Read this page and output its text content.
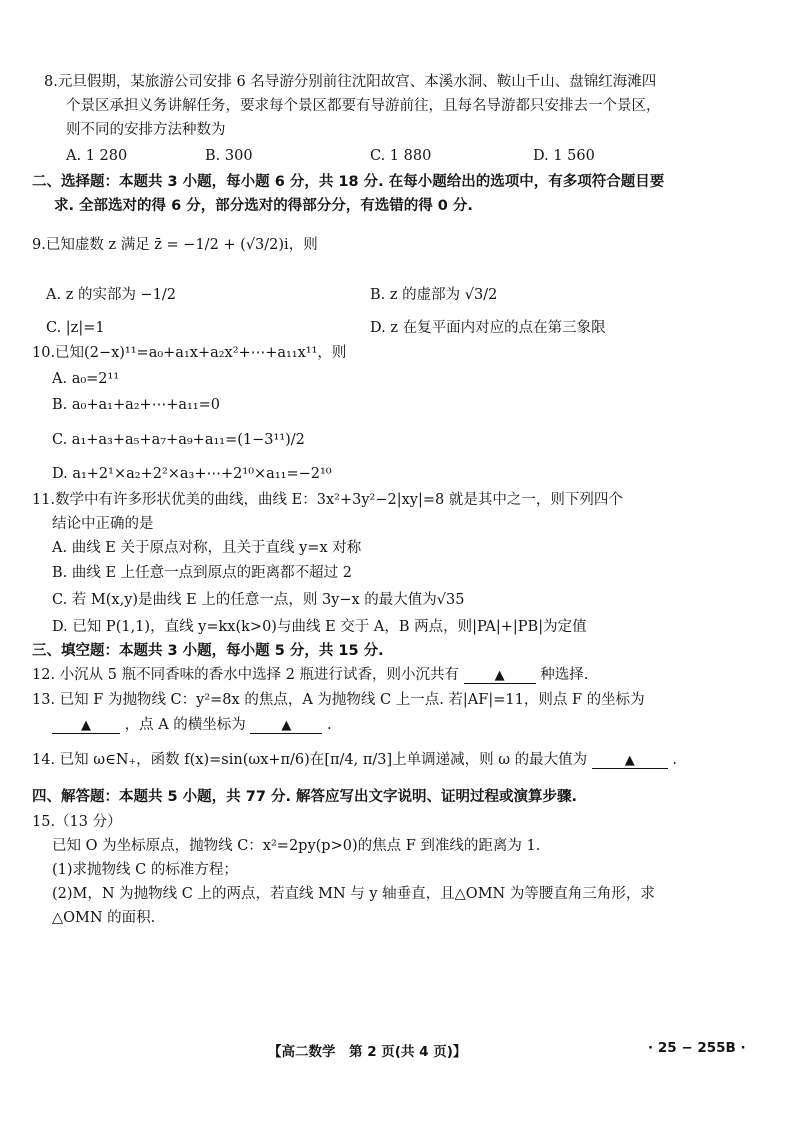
8.元旦假期，某旅游公司安排 6 名导游分别前往沈阳故宫、本溪水洞、鞍山千山、盘锦红海滩四
个景区承担义务讲解任务，要求每个景区都要有导游前往，且每名导游都只安排去一个景区，
则不同的安排方法种数为
A. 1 280	B. 300	C. 1 880	D. 1 560
二、选择题：本题共 3 小题，每小题 6 分，共 18 分. 在每小题给出的选项中，有多项符合题目要
求. 全部选对的得 6 分，部分选对的得部分分，有选错的得 0 分.
9.已知虚数 z 满足 z̄ = −1/2 + (√3/2)i，则
A. z 的实部为 −1/2	B. z 的虚部为 √3/2
C. |z|=1	D. z 在复平面内对应的点在第三象限
10.已知(2−x)¹¹=a₀+a₁x+a₂x²+⋯+a₁₁x¹¹，则
A. a₀=2¹¹
B. a₀+a₁+a₂+⋯+a₁₁=0
C. a₁+a₃+a₅+a₇+a₉+a₁₁=(1−3¹¹)/2
D. a₁+2¹×a₂+2²×a₃+⋯+2¹⁰×a₁₁=−2¹⁰
11.数学中有许多形状优美的曲线，曲线 E：3x²+3y²−2|xy|=8 就是其中之一，则下列四个
结论中正确的是
A. 曲线 E 关于原点对称，且关于直线 y=x 对称
B. 曲线 E 上任意一点到原点的距离都不超过 2
C. 若 M(x,y)是曲线 E 上的任意一点，则 3y−x 的最大值为√35
D. 已知 P(1,1)，直线 y=kx(k>0)与曲线 E 交于 A，B 两点，则|PA|+|PB|为定值
三、填空题：本题共 3 小题，每小题 5 分，共 15 分.
12. 小沉从 5 瓶不同香味的香水中选择 2 瓶进行试香，则小沉共有	▲ 种选择.
13. 已知 F 为抛物线 C：y²=8x 的焦点，A 为抛物线 C 上一点. 若|AF|=11，则点 F 的坐标为
▲ ，点 A 的横坐标为	▲ .
14. 已知 ω∈N₊，函数 f(x)=sin(ωx+π/6)在[π/4, π/3]上单调递减，则 ω 的最大值为	▲	.
四、解答题：本题共 5 小题，共 77 分. 解答应写出文字说明、证明过程或演算步骤.
15.（13 分）
已知 O 为坐标原点，抛物线 C：x²=2py(p>0)的焦点 F 到准线的距离为 1.
(1)求抛物线 C 的标准方程；
(2)M，N 为抛物线 C 上的两点，若直线 MN 与 y 轴垂直，且△OMN 为等腰直角三角形，求
△OMN 的面积.
【高二数学　第 2 页(共 4 页)】	· 25 − 255B ·
